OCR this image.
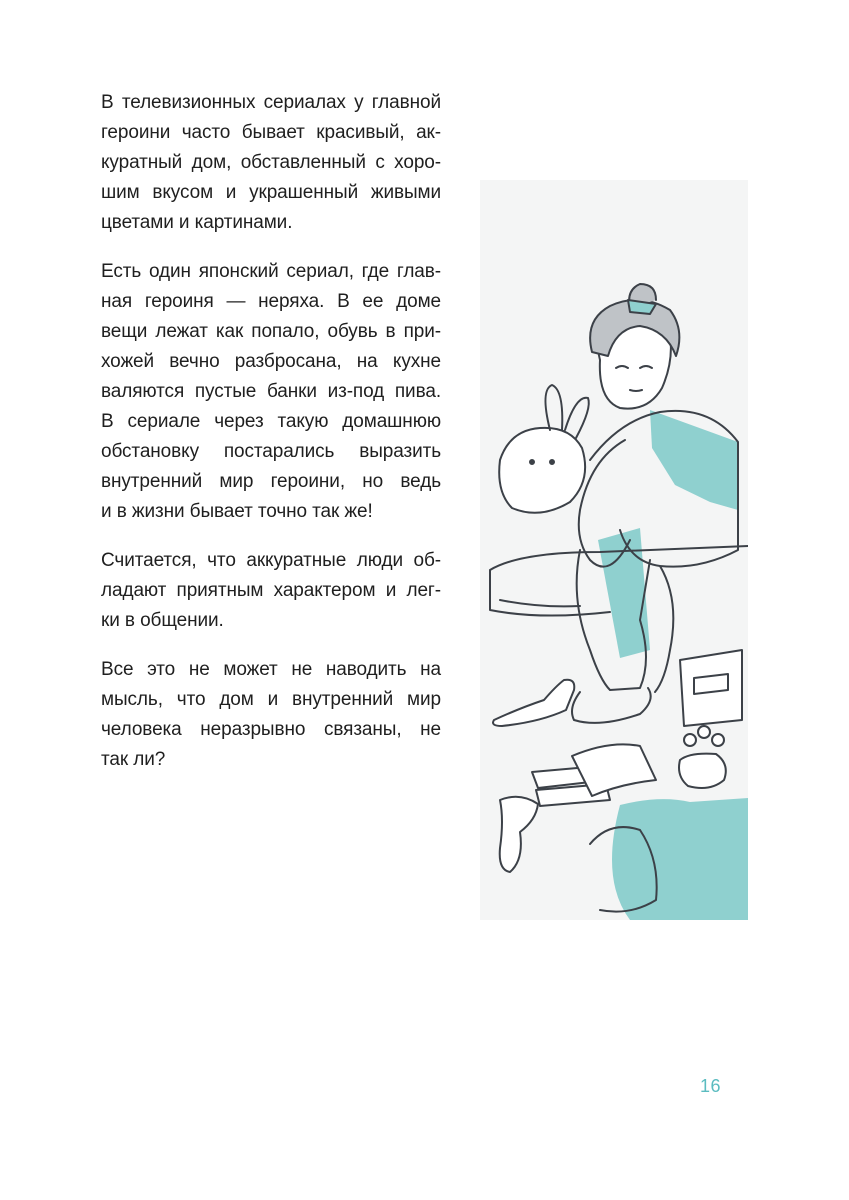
В телевизионных сериалах у главной
героини часто бывает красивый, ак-
куратный дом, обставленный с хоро-
шим вкусом и украшенный живыми
цветами и картинами.

Есть один японский сериал, где глав-
ная героиня — неряха. В ее доме
вещи лежат как попало, обувь в при-
хожей вечно разбросана, на кухне
валяются пустые банки из-под пива.
В сериале через такую домашнюю
обстановку постарались выразить
внутренний мир героини, но ведь
и в жизни бывает точно так же!

Считается, что аккуратные люди об-
ладают приятным характером и лег-
ки в общении.

Все это не может не наводить на
мысль, что дом и внутренний мир
человека неразрывно связаны, не
так ли?

16
